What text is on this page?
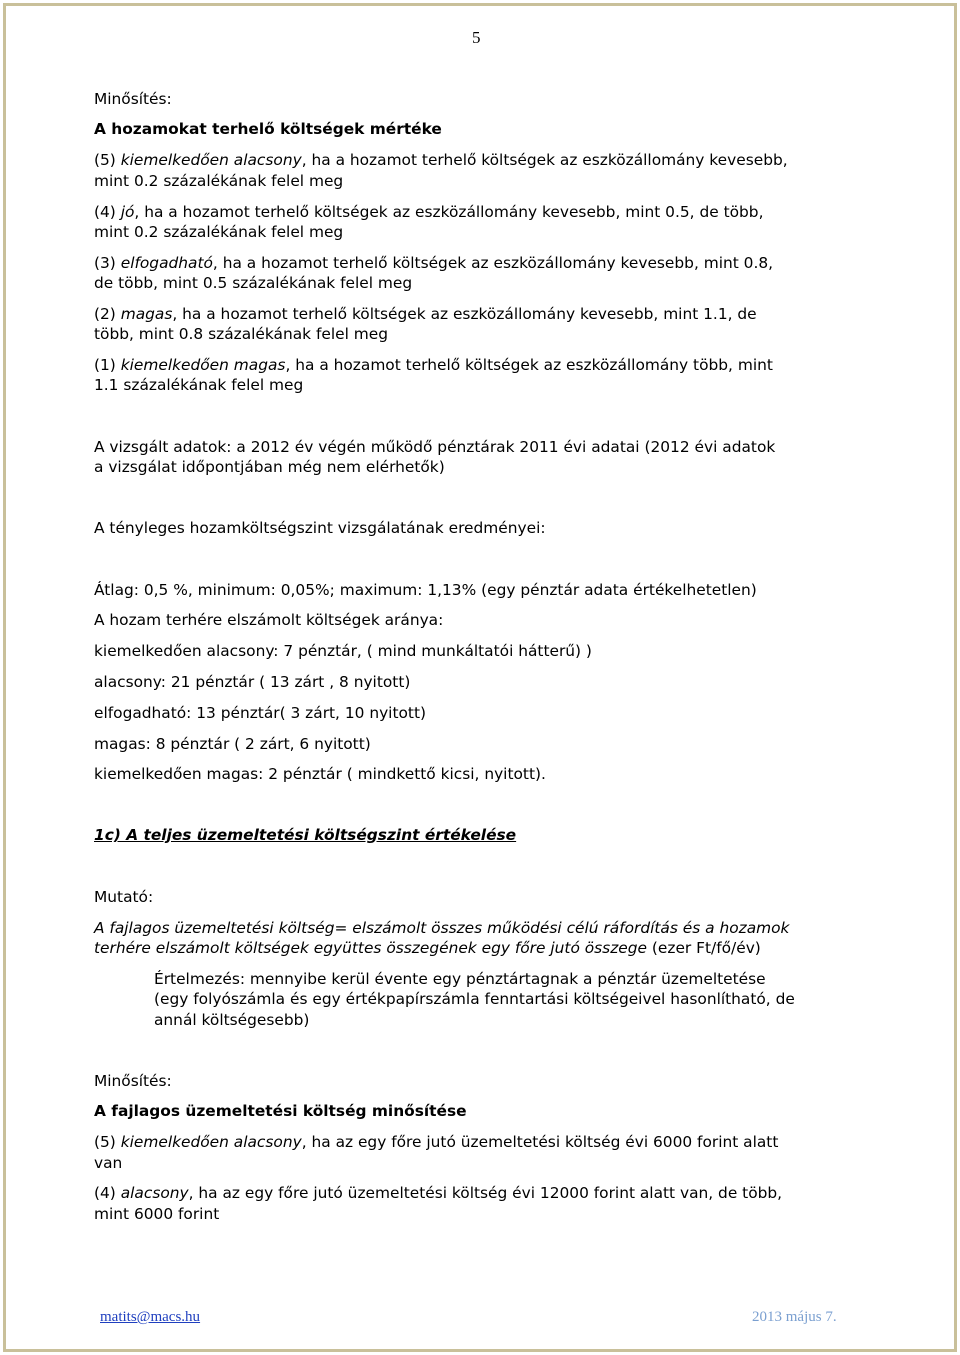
5
Minősítés:
A hozamokat terhelő költségek mértéke
(5) kiemelkedően alacsony, ha a hozamot terhelő költségek az eszközállomány kevesebb,
mint 0.2 százalékának felel meg
(4) jó, ha a hozamot terhelő költségek az eszközállomány kevesebb, mint 0.5, de több,
mint 0.2 százalékának felel meg
(3) elfogadható, ha a hozamot terhelő költségek az eszközállomány kevesebb, mint 0.8,
de több, mint 0.5 százalékának felel meg
(2) magas, ha a hozamot terhelő költségek az eszközállomány kevesebb, mint 1.1, de
több, mint 0.8 százalékának felel meg
(1) kiemelkedően magas, ha a hozamot terhelő költségek az eszközállomány több, mint
1.1 százalékának felel meg
A vizsgált adatok: a 2012 év végén működő pénztárak 2011 évi adatai (2012 évi adatok
a vizsgálat időpontjában még nem elérhetők)
A tényleges hozamköltségszint vizsgálatának eredményei:
Átlag: 0,5 %, minimum: 0,05%; maximum: 1,13% (egy pénztár adata értékelhetetlen)
A hozam terhére elszámolt költségek aránya:
kiemelkedően alacsony: 7 pénztár, ( mind munkáltatói hátterű) )
alacsony: 21 pénztár ( 13 zárt , 8 nyitott)
elfogadható: 13 pénztár( 3 zárt, 10 nyitott)
magas: 8 pénztár ( 2 zárt, 6 nyitott)
kiemelkedően magas: 2 pénztár ( mindkettő kicsi, nyitott).
1c) A teljes üzemeltetési költségszint értékelése
Mutató:
A fajlagos üzemeltetési költség= elszámolt összes működési célú ráfordítás és a hozamok
terhére elszámolt költségek együttes összegének egy főre jutó összege (ezer Ft/fő/év)
Értelmezés: mennyibe kerül évente egy pénztártagnak a pénztár üzemeltetése
(egy folyószámla és egy értékpapírszámla fenntartási költségeivel hasonlítható, de
annál költségesebb)
Minősítés:
A fajlagos üzemeltetési költség minősítése
(5) kiemelkedően alacsony, ha az egy főre jutó üzemeltetési költség évi 6000 forint alatt
van
(4) alacsony, ha az egy főre jutó üzemeltetési költség évi 12000 forint alatt van, de több,
mint 6000 forint
matits@macs.hu	2013 május 7.
